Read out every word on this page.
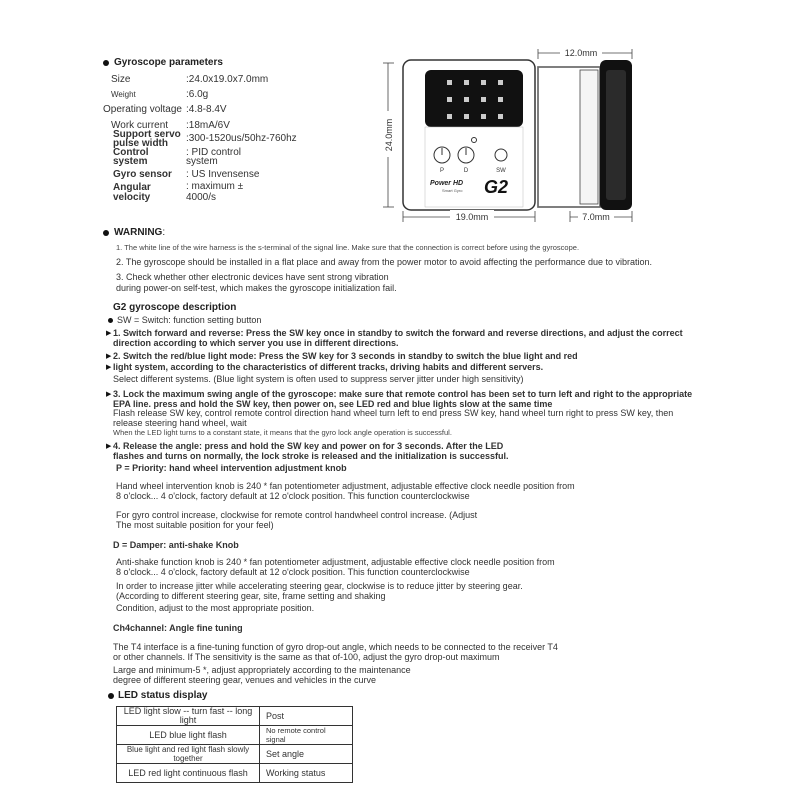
Gyroscope parameters
Size	:24.0x19.0x7.0mm
Weight	:6.0g
Operating voltage :4.8-8.4V
Work current :18mA/6V
Support servo pulse width	:300-1520us/50hz-760hz
Control system
: PID control system
Gyro sensor : US Invensense
Angular velocity
: maximum ± 4000/s
P	D	SW
Power HD
Smart Gyro G2
12.0mm
24.0mm
19.0mm	7.0mm
WARNING:
1. The white line of the wire harness is the s-terminal of the signal line. Make sure that the connection is correct before using the gyroscope.
2. The gyroscope should be installed in a flat place and away from the power motor to avoid affecting the performance due to vibration.
3. Check whether other electronic devices have sent strong vibration
during power-on self-test, which makes the gyroscope initialization fail.
G2 gyroscope description
SW = Switch: function setting button
▶ 1. Switch forward and reverse: Press the SW key once in standby to switch the forward and reverse directions, and adjust the correct
direction according to which server you use in different directions.
▶ 2. Switch the red/blue light mode: Press the SW key for 3 seconds in standby to switch the blue light and red
▶ light system, according to the characteristics of different tracks, driving habits and different servers.
Select different systems. (Blue light system is often used to suppress server jitter under high sensitivity)
▶ 3. Lock the maximum swing angle of the gyroscope: make sure that remote control has been set to turn left and right to the appropriate
EPA line. press and hold the SW key, then power on, see LED red and blue lights slow at the same time
Flash release SW key, control remote control direction hand wheel turn left to end press SW key, hand wheel turn right to press SW key, then
release steering hand wheel, wait
When the LED light turns to a constant state, it means that the gyro lock angle operation is successful.
▶ 4. Release the angle: press and hold the SW key and power on for 3 seconds. After the LED
flashes and turns on normally, the lock stroke is released and the initialization is successful.
P = Priority: hand wheel intervention adjustment knob
Hand wheel intervention knob is 240 * fan potentiometer adjustment, adjustable effective clock needle position from
8 o'clock... 4 o'clock, factory default at 12 o'clock position. This function counterclockwise
For gyro control increase, clockwise for remote control handwheel control increase. (Adjust
The most suitable position for your feel)
D = Damper: anti-shake Knob
Anti-shake function knob is 240 * fan potentiometer adjustment, adjustable effective clock needle position from
8 o'clock... 4 o'clock, factory default at 12 o'clock position. This function counterclockwise
In order to increase jitter while accelerating steering gear, clockwise is to reduce jitter by steering gear.
(According to different steering gear, site, frame setting and shaking
Condition, adjust to the most appropriate position.
Ch4channel: Angle fine tuning
The T4 interface is a fine-tuning function of gyro drop-out angle, which needs to be connected to the receiver T4
or other channels. If The sensitivity is the same as that of-100, adjust the gyro drop-out maximum
Large and minimum-5 *, adjust appropriately according to the maintenance
degree of different steering gear, venues and vehicles in the curve
LED status display
LED light slow -- turn fast -- long light	Post
LED blue light flash	No remote control signal
Blue light and red light flash slowly together	Set angle
LED red light continuous flash	Working status
